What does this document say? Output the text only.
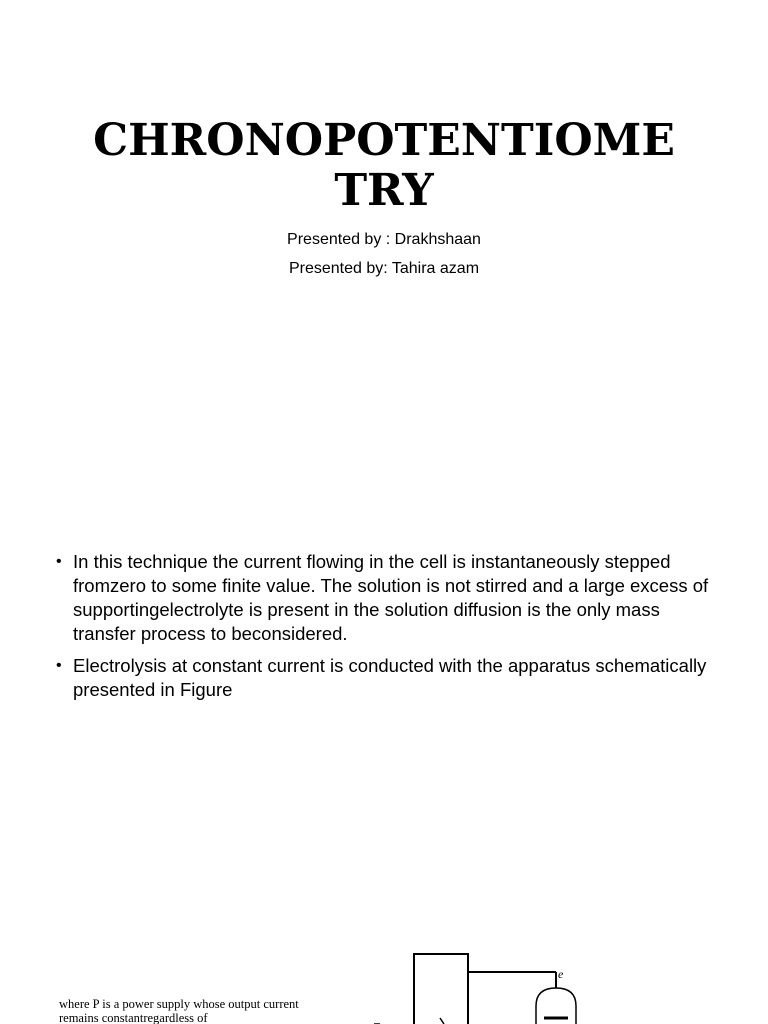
CHRONOPOTENTIOME
TRY
Presented by : Drakhshaan
Presented by: Tahira azam
• In this technique the current flowing in the cell is instantaneously stepped fromzero to some finite value. The solution is not stirred and a large excess of supportingelectrolyte is present in the solution diffusion is the only mass transfer process to beconsidered.
• Electrolysis at constant current is conducted with the apparatus schematically presented in Figure
where P is a power supply whose output current remains constantregardless of
e
